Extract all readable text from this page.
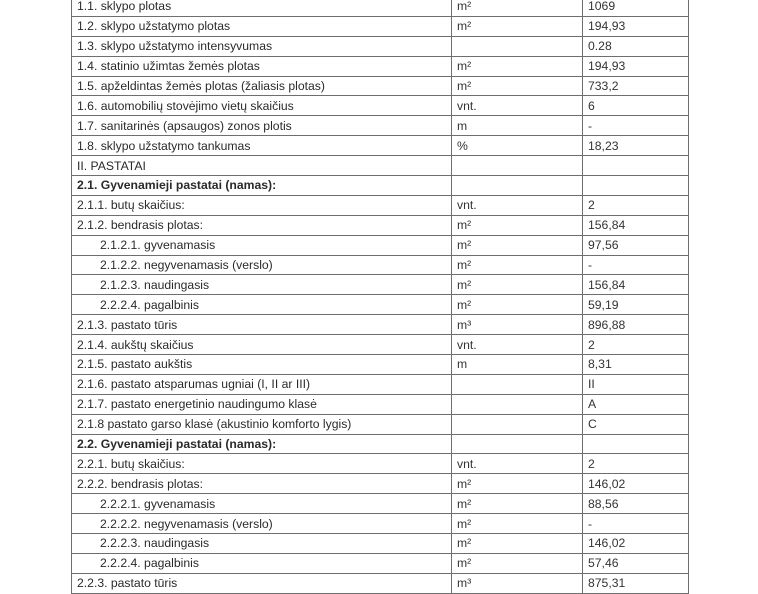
1.1. sklypo plotas	m²	1069
1.2. sklypo užstatymo plotas	m²	194,93
1.3. sklypo užstatymo intensyvumas		0.28
1.4. statinio užimtas žemės plotas	m²	194,93
1.5. apželdintas žemės plotas (žaliasis plotas)	m²	733,2
1.6. automobilių stovėjimo vietų skaičius	vnt.	6
1.7. sanitarinės (apsaugos) zonos plotis	m	-
1.8. sklypo užstatymo tankumas	%	18,23
II. PASTATAI		
2.1. Gyvenamieji pastatai (namas):		
2.1.1. butų skaičius:	vnt.	2
2.1.2. bendrasis plotas:	m²	156,84
2.1.2.1. gyvenamasis	m²	97,56
2.1.2.2. negyvenamasis (verslo)	m²	-
2.1.2.3. naudingasis	m²	156,84
2.2.2.4. pagalbinis	m²	59,19
2.1.3. pastato tūris	m³	896,88
2.1.4. aukštų skaičius	vnt.	2
2.1.5. pastato aukštis	m	8,31
2.1.6. pastato atsparumas ugniai (I, II ar III)		II
2.1.7. pastato energetinio naudingumo klasė		A
2.1.8 pastato garso klasė (akustinio komforto lygis)		C
2.2. Gyvenamieji pastatai (namas):		
2.2.1. butų skaičius:	vnt.	2
2.2.2. bendrasis plotas:	m²	146,02
2.2.2.1. gyvenamasis	m²	88,56
2.2.2.2. negyvenamasis (verslo)	m²	-
2.2.2.3. naudingasis	m²	146,02
2.2.2.4. pagalbinis	m²	57,46
2.2.3. pastato tūris	m³	875,31
